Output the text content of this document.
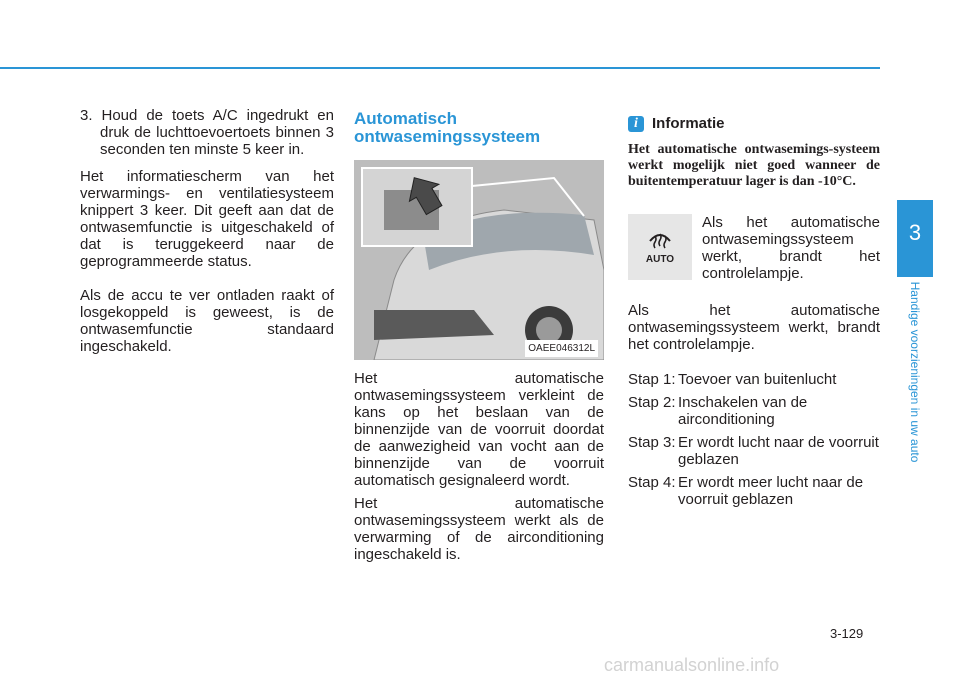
3. Houd de toets A/C ingedrukt en druk de luchttoevoertoets binnen 3 seconden ten minste 5 keer in.

Het informatiescherm van het verwarmings- en ventilatiesysteem knippert 3 keer. Dit geeft aan dat de ontwasemfunctie is uitgeschakeld of dat is teruggekeerd naar de geprogrammeerde status.

Als de accu te ver ontladen raakt of losgekoppeld is geweest, is de ontwasemfunctie standaard ingeschakeld.

Automatisch ontwasemingssysteem
OAEE046312L

Het automatische ontwasemingssysteem verkleint de kans op het beslaan van de binnenzijde van de voorruit doordat de aanwezigheid van vocht aan de binnenzijde van de voorruit automatisch gesignaleerd wordt.

Het automatische ontwasemingssysteem werkt als de verwarming of de airconditioning ingeschakeld is.

i Informatie

Het automatische ontwasemings-systeem werkt mogelijk niet goed wanneer de buitentemperatuur lager is dan -10°C.

AUTO

Als het automatische ontwasemingssysteem werkt, brandt het controlelampje.

Als het automatische ontwasemingssysteem werkt, brandt het controlelampje.

Stap 1: Toevoer van buitenlucht
Stap 2: Inschakelen van de airconditioning
Stap 3: Er wordt lucht naar de voorruit geblazen
Stap 4: Er wordt meer lucht naar de voorruit geblazen
3
Handige voorzieningen in uw auto
3-129
carmanualsonline.info
